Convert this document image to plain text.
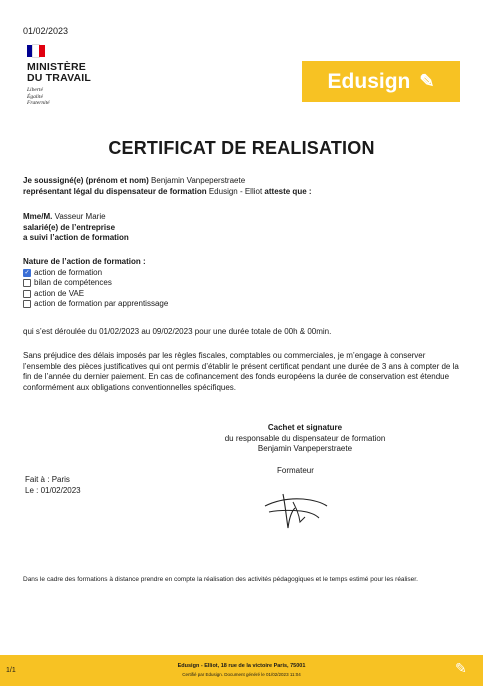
01/02/2023
MINISTÈRE
DU TRAVAIL
Liberté
Égalité
Fraternité
Edusign ✎
CERTIFICAT DE REALISATION
Je soussigné(e) (prénom et nom) Benjamin Vanpeperstraete
représentant légal du dispensateur de formation Edusign - Elliot atteste que :
Mme/M. Vasseur Marie
salarié(e) de l’entreprise
a suivi l’action de formation
Nature de l’action de formation :
✓ action de formation
bilan de compétences
action de VAE
action de formation par apprentissage
qui s’est déroulée du 01/02/2023 au 09/02/2023 pour une durée totale de 00h & 00min.
Sans préjudice des délais imposés par les règles fiscales, comptables ou commerciales, je m’engage à conserver l’ensemble des pièces justificatives qui ont permis d’établir le présent certificat pendant une durée de 3 ans à compter de la fin de l’année du dernier paiement. En cas de cofinancement des fonds européens la durée de conservation est étendue conformément aux obligations conventionnelles spécifiques.
Cachet et signature
du responsable du dispensateur de formation
Benjamin Vanpeperstraete
Formateur
Fait à : Paris
Le : 01/02/2023
Dans le cadre des formations à distance prendre en compte la réalisation des activités pédagogiques et le temps estimé pour les réaliser.
1/1
Edusign - Elliot, 18 rue de la victoire Paris, 75001
Certifié par Edusign. Document généré le 01/02/2023 11:04	✎
